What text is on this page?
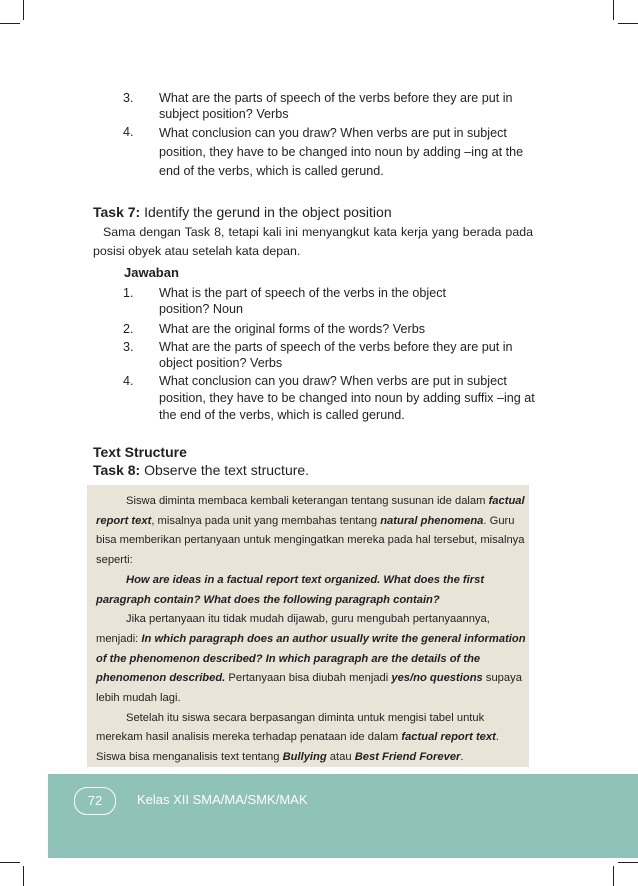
3. What are the parts of speech of the verbs before they are put in subject position? Verbs
4. What conclusion can you draw? When verbs are put in subject position, they have to be changed into noun by adding –ing at the end of the verbs, which is called gerund.
Task 7: Identify the gerund in the object position
Sama dengan Task 8, tetapi kali ini menyangkut kata kerja yang berada pada posisi obyek atau setelah kata depan.
Jawaban
1. What is the part of speech of the verbs in the object position? Noun
2. What are the original forms of the words? Verbs
3. What are the parts of speech of the verbs before they are put in object position? Verbs
4. What conclusion can you draw? When verbs are put in subject position, they have to be changed into noun by adding suffix –ing at the end of the verbs, which is called gerund.
Text Structure
Task 8: Observe the text structure.

Siswa diminta membaca kembali keterangan tentang susunan ide dalam factual report text, misalnya pada unit yang membahas tentang natural phenomena. Guru bisa memberikan pertanyaan untuk mengingatkan mereka pada hal tersebut, misalnya seperti:

How are ideas in a factual report text organized. What does the first paragraph contain? What does the following paragraph contain?

Jika pertanyaan itu tidak mudah dijawab, guru mengubah pertanyaannya, menjadi: In which paragraph does an author usually write the general information of the phenomenon described? In which paragraph are the details of the phenomenon described. Pertanyaan bisa diubah menjadi yes/no questions supaya lebih mudah lagi.

Setelah itu siswa secara berpasangan diminta untuk mengisi tabel untuk merekam hasil analisis mereka terhadap penataan ide dalam factual report text. Siswa bisa menganalisis text tentang Bullying atau Best Friend Forever.

72	Kelas XII SMA/MA/SMK/MAK
